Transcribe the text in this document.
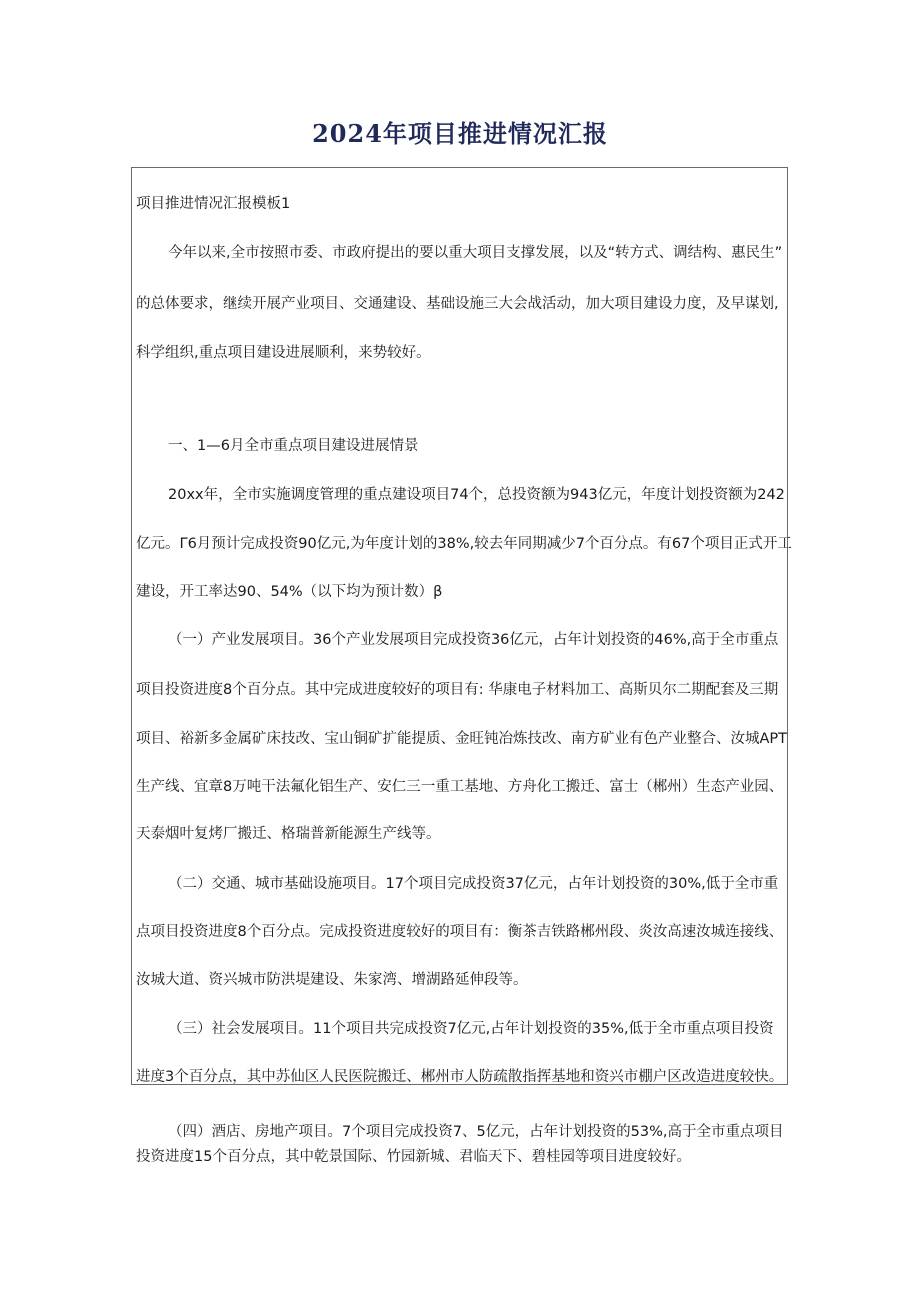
2024年项目推进情况汇报

项目推进情况汇报模板1

今年以来,全市按照市委、市政府提出的要以重大项目支撑发展，以及“转方式、调结构、惠民生”

的总体要求，继续开展产业项目、交通建设、基础设施三大会战活动，加大项目建设力度，及早谋划,

科学组织,重点项目建设进展顺利，来势较好。

一、1—6月全市重点项目建设进展情景

20xx年，全市实施调度管理的重点建设项目74个，总投资额为943亿元，年度计划投资额为242

亿元。Γ6月预计完成投资90亿元,为年度计划的38%,较去年同期减少7个百分点。有67个项目正式开工

建设，开工率达90、54%（以下均为预计数）β

（一）产业发展项目。36个产业发展项目完成投资36亿元，占年计划投资的46%,高于全市重点

项目投资进度8个百分点。其中完成进度较好的项目有: 华康电子材料加工、高斯贝尔二期配套及三期

项目、裕新多金属矿床技改、宝山铜矿扩能提质、金旺钝冶炼技改、南方矿业有色产业整合、汝城APT

生产线、宜章8万吨干法氟化铝生产、安仁三一重工基地、方舟化工搬迁、富士（郴州）生态产业园、

天泰烟叶复烤厂搬迁、格瑞普新能源生产线等。

（二）交通、城市基础设施项目。17个项目完成投资37亿元，占年计划投资的30%,低于全市重

点项目投资进度8个百分点。完成投资进度较好的项目有：衡茶吉铁路郴州段、炎汝高速汝城连接线、

汝城大道、资兴城市防洪堤建设、朱家湾、增湖路延伸段等。

（三）社会发展项目。11个项目共完成投资7亿元,占年计划投资的35%,低于全市重点项目投资

进度3个百分点，其中苏仙区人民医院搬迁、郴州市人防疏散指挥基地和资兴市棚户区改造进度较快。

（四）酒店、房地产项目。7个项目完成投资7、5亿元，占年计划投资的53%,高于全市重点项目

投资进度15个百分点，其中乾景国际、竹园新城、君临天下、碧桂园等项目进度较好。
